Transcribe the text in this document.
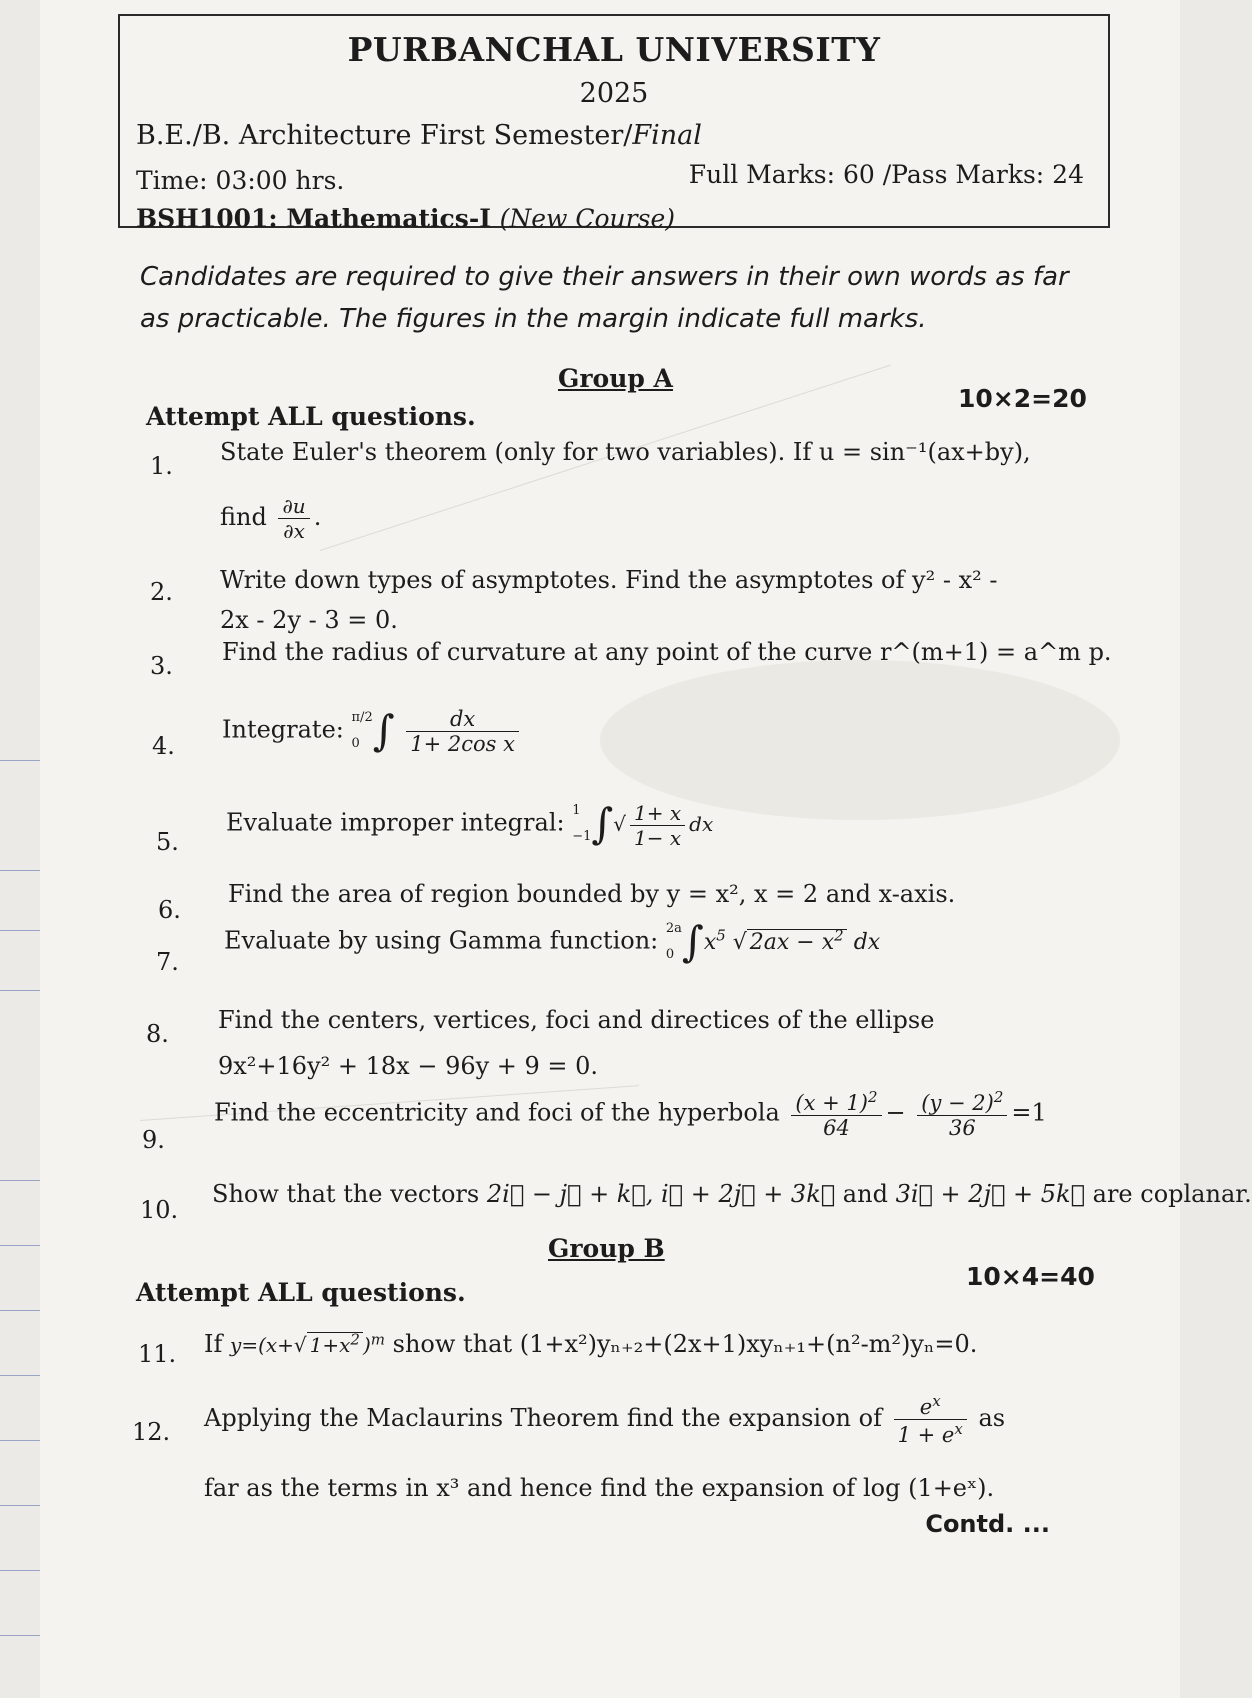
PURBANCHAL UNIVERSITY
2025
B.E./B. Architecture First Semester/Final
Time: 03:00 hrs.	Full Marks: 60 /Pass Marks: 24
BSH1001: Mathematics-I (New Course)
Candidates are required to give their answers in their own words as far as practicable. The figures in the margin indicate full marks.
Group A
Attempt ALL questions.
10×2=20
1. State Euler's theorem (only for two variables). If u = sin⁻¹(ax+by),
find $\frac{\partial u}{\partial x}$ .
2. Write down types of asymptotes. Find the asymptotes of y² - x² -
2x - 2y - 3 = 0.
3. Find the radius of curvature at any point of the curve r^(m+1) = a^m p.
4.
Integrate: π/2
0 ∫ $\frac{dx}{\text{1+ 2cos x}}$
5.
Evaluate improper integral: 1
−1 ∫√ $\frac{1+ x}{1- x}$ dx
6.
Find the area of region bounded by y = x², x = 2 and x-axis.
7.
Evaluate by using Gamma function: 2a
0 $\int x^5$ √ $2ax - x^2$ dx
8. Find the centers, vertices, foci and directices of the ellipse
9x²+16y² + 18x − 96y + 9 = 0.
9.
Find the eccentricity and foci of the hyperbola $\frac{(x + 1)^2}{64} - \frac{(y - 2)^2}{36} =1$
10.
Show that the vectors 2i⃗ − j⃗ + k⃗, i⃗ + 2j⃗ + 3k⃗ and 3i⃗ + 2j⃗ + 5k⃗ are coplanar.
Group B
Attempt ALL questions.
10×4=40
11. If y=(x+√ $1+x^2$ )$^m$ show that (1+x²)yₙ₊₂+(2x+1)xyₙ₊₁+(n²-m²)yₙ=0.
12. Applying the Maclaurins Theorem find the expansion of $\frac{e^x}{1 + e^x}$ as
far as the terms in x³ and hence find the expansion of log (1+eˣ).
Contd. ...
